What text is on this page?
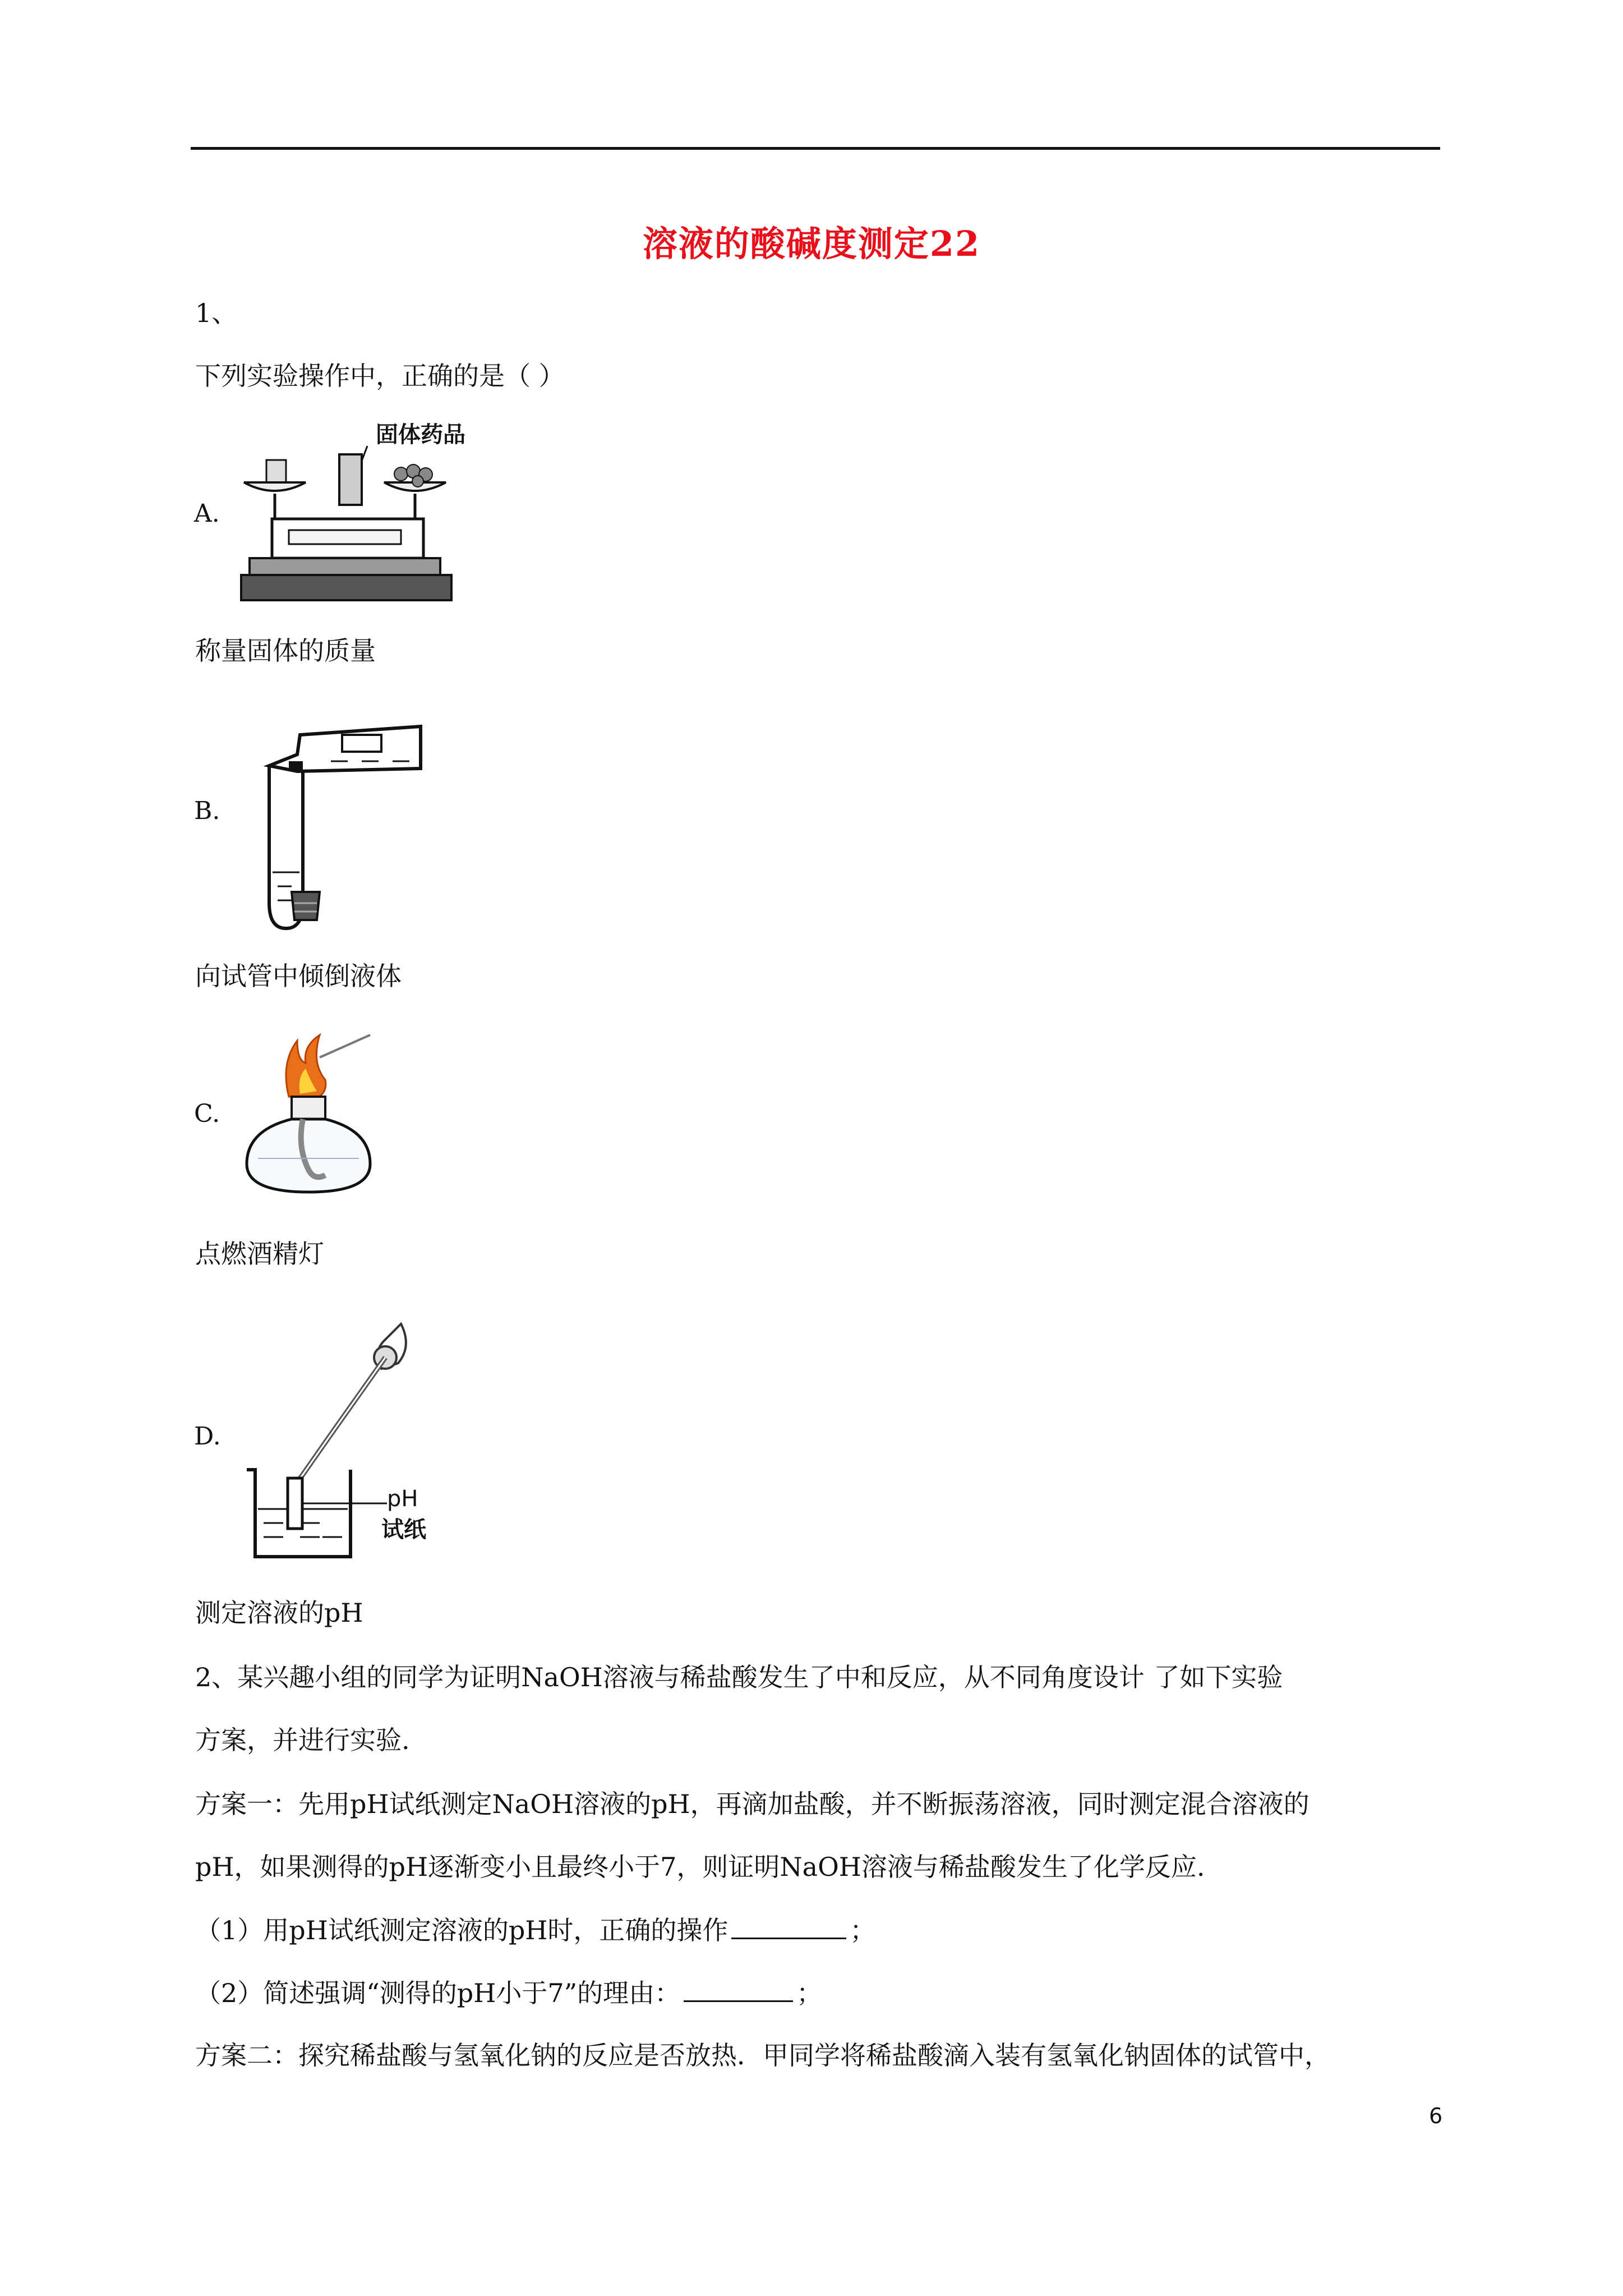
溶液的酸碱度测定22
1、
下列实验操作中，正确的是（ ）
A.
固体药品
称量固体的质量
B.
向试管中倾倒液体
C.
点燃酒精灯
D.
pH
试纸
测定溶液的pH
2、某兴趣小组的同学为证明NaOH溶液与稀盐酸发生了中和反应，从不同角度设计 了如下实验
方案，并进行实验.
方案一：先用pH试纸测定NaOH溶液的pH，再滴加盐酸，并不断振荡溶液，同时测定混合溶液的
pH，如果测得的pH逐渐变小且最终小于7，则证明NaOH溶液与稀盐酸发生了化学反应.
（1）用pH试纸测定溶液的pH时，正确的操作	；
（2）简述强调“测得的pH小于7”的理由：	；
方案二：探究稀盐酸与氢氧化钠的反应是否放热．甲同学将稀盐酸滴入装有氢氧化钠固体的试管中，
6
